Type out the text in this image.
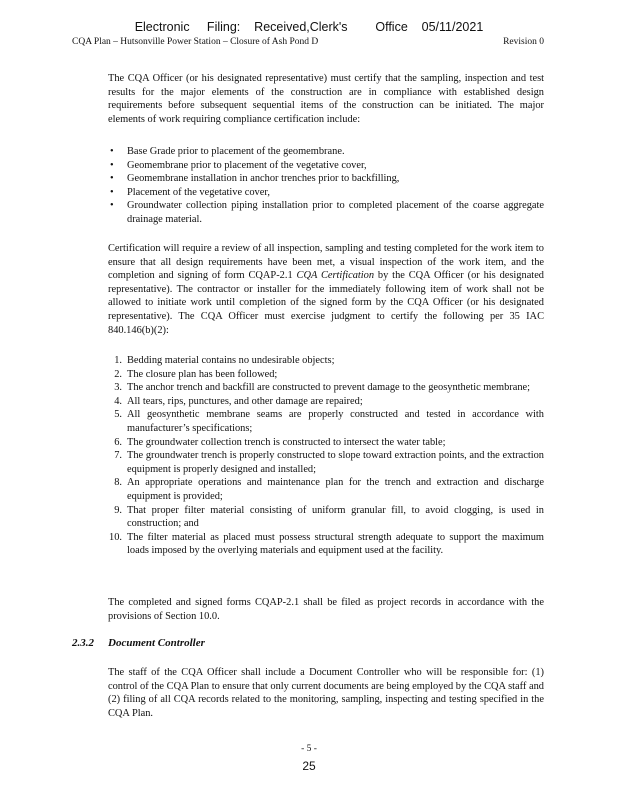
Electronic     Filing:    Received,Clerk's        Office    05/11/2021
CQA Plan – Hutsonville Power Station – Closure of Ash Pond D	Revision 0

The CQA Officer (or his designated representative) must certify that the sampling, inspection and test results for the major elements of the construction are in compliance with established design requirements before subsequent sequential items of the construction can be initiated. The major elements of work requiring compliance certification include:

• Base Grade prior to placement of the geomembrane.
• Geomembrane prior to placement of the vegetative cover,
• Geomembrane installation in anchor trenches prior to backfilling,
• Placement of the vegetative cover,
• Groundwater collection piping installation prior to completed placement of the coarse aggregate drainage material.

Certification will require a review of all inspection, sampling and testing completed for the work item to ensure that all design requirements have been met, a visual inspection of the work item, and the completion and signing of form CQAP-2.1 CQA Certification by the CQA Officer (or his designated representative). The contractor or installer for the immediately following item of work shall not be allowed to initiate work until completion of the signed form by the CQA Officer (or his designated representative). The CQA Officer must exercise judgment to certify the following per 35 IAC 840.146(b)(2):

1. Bedding material contains no undesirable objects;
2. The closure plan has been followed;
3. The anchor trench and backfill are constructed to prevent damage to the geosynthetic membrane;
4. All tears, rips, punctures, and other damage are repaired;
5. All geosynthetic membrane seams are properly constructed and tested in accordance with manufacturer’s specifications;
6. The groundwater collection trench is constructed to intersect the water table;
7. The groundwater trench is properly constructed to slope toward extraction points, and the extraction equipment is properly designed and installed;
8. An appropriate operations and maintenance plan for the trench and extraction and discharge equipment is provided;
9. That proper filter material consisting of uniform granular fill, to avoid clogging, is used in construction; and
10. The filter material as placed must possess structural strength adequate to support the maximum loads imposed by the overlying materials and equipment used at the facility.

The completed and signed forms CQAP-2.1 shall be filed as project records in accordance with the provisions of Section 10.0.

2.3.2 Document Controller

The staff of the CQA Officer shall include a Document Controller who will be responsible for: (1) control of the CQA Plan to ensure that only current documents are being employed by the CQA staff and (2) filing of all CQA records related to the monitoring, sampling, inspecting and testing specified in the CQA Plan.

- 5 -
25
